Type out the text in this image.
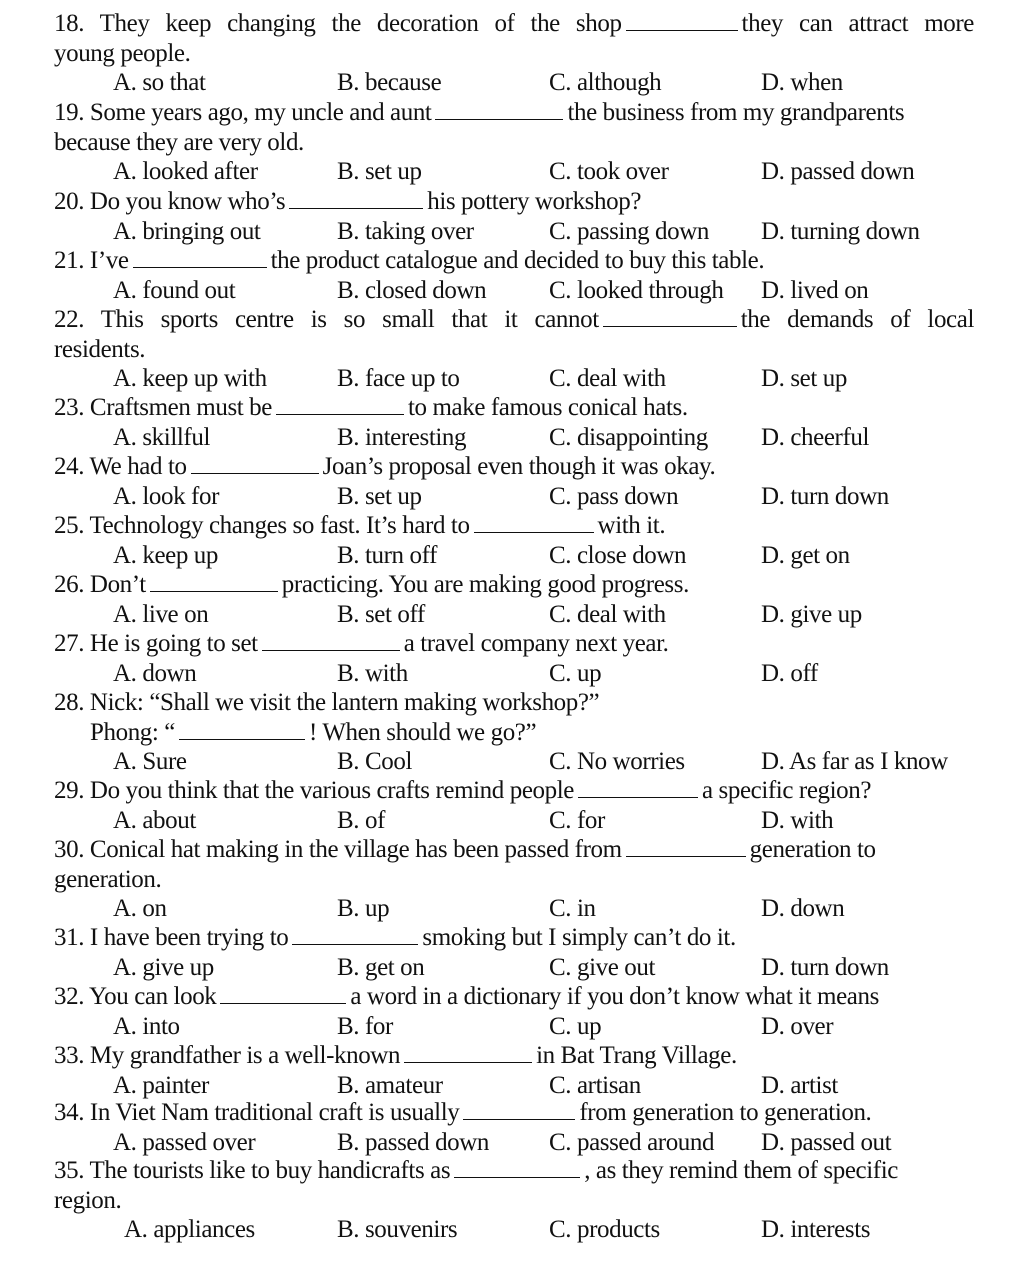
18. They keep changing the decoration of the shop	they can attract more
young people.
A. so that	B. because	C. although	D. when
19. Some years ago, my uncle and aunt	the business from my grandparents
because they are very old.
A. looked after	B. set up	C. took over	D. passed down
20. Do you know who’s	his pottery workshop?
A. bringing out	B. taking over	C. passing down D. turning down
21. I’ve	the product catalogue and decided to buy this table.
A. found out	B. closed down	C. looked through D. lived on
22. This sports centre is so small that it cannot	the demands of local
residents.
A. keep up with	B. face up to	C. deal with	D. set up
23. Craftsmen must be	to make famous conical hats.
A. skillful	B. interesting	C. disappointing D. cheerful
24. We had to	Joan’s proposal even though it was okay.
A. look for	B. set up	C. pass down	D. turn down
25. Technology changes so fast. It’s hard to	with it.
A. keep up	B. turn off	C. close down	D. get on
26. Don’t	practicing. You are making good progress.
A. live on	B. set off	C. deal with	D. give up
27. He is going to set	a travel company next year.
A. down	B. with	C. up	D. off
28. Nick: “Shall we visit the lantern making workshop?”
Phong: “	! When should we go?”
A. Sure	B. Cool	C. No worries	D. As far as I know
29. Do you think that the various crafts remind people	a specific region?
A. about	B. of	C. for	D. with
30. Conical hat making in the village has been passed from	generation to
generation.
A. on	B. up	C. in	D. down
31. I have been trying to	smoking but I simply can’t do it.
A. give up	B. get on	C. give out	D. turn down
32. You can look	a word in a dictionary if you don’t know what it means
A. into	B. for	C. up	D. over
33. My grandfather is a well-known	in Bat Trang Village.
A. painter	B. amateur	C. artisan	D. artist
34. In Viet Nam traditional craft is usually	from generation to generation.
A. passed over	B. passed down C. passed around D. passed out
35. The tourists like to buy handicrafts as	, as they remind them of specific
region.
A. appliances	B. souvenirs	C. products	D. interests
